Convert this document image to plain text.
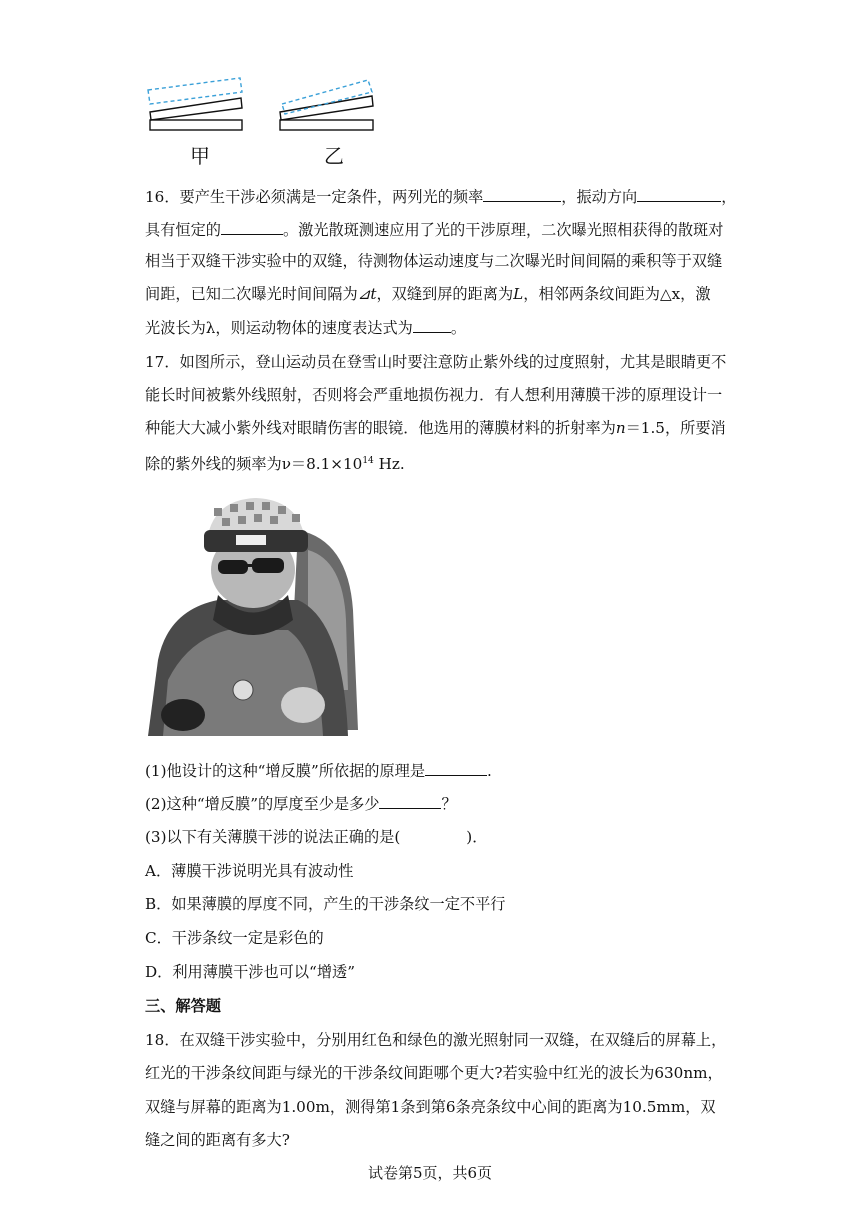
甲	乙
16．要产生干涉必须满是一定条件，两列光的频率	，振动方向	，
具有恒定的	。激光散斑测速应用了光的干涉原理，二次曝光照相获得的散斑对
相当于双缝干涉实验中的双缝，待测物体运动速度与二次曝光时间间隔的乘积等于双缝
间距，已知二次曝光时间间隔为⊿t，双缝到屏的距离为L，相邻两条纹间距为△x，激
光波长为λ，则运动物体的速度表达式为	。
17．如图所示，登山运动员在登雪山时要注意防止紫外线的过度照射，尤其是眼睛更不
能长时间被紫外线照射，否则将会严重地损伤视力．有人想利用薄膜干涉的原理设计一
种能大大减小紫外线对眼睛伤害的眼镜．他选用的薄膜材料的折射率为n＝1.5，所要消
除的紫外线的频率为$\nu=8.1\times 10^{14}$ Hz.
(1)他设计的这种“增反膜”所依据的原理是	.
(2)这种“增反膜”的厚度至少是多少	？
(3)以下有关薄膜干涉的说法正确的是(	)．
A．薄膜干涉说明光具有波动性
B．如果薄膜的厚度不同，产生的干涉条纹一定不平行
C．干涉条纹一定是彩色的
D．利用薄膜干涉也可以“增透”
三、解答题
18．在双缝干涉实验中，分别用红色和绿色的激光照射同一双缝，在双缝后的屏幕上，
红光的干涉条纹间距与绿光的干涉条纹间距哪个更大?若实验中红光的波长为630nm，
双缝与屏幕的距离为1.00m，测得第1条到第6条亮条纹中心间的距离为10.5mm，双
缝之间的距离有多大?
试卷第5页，共6页
